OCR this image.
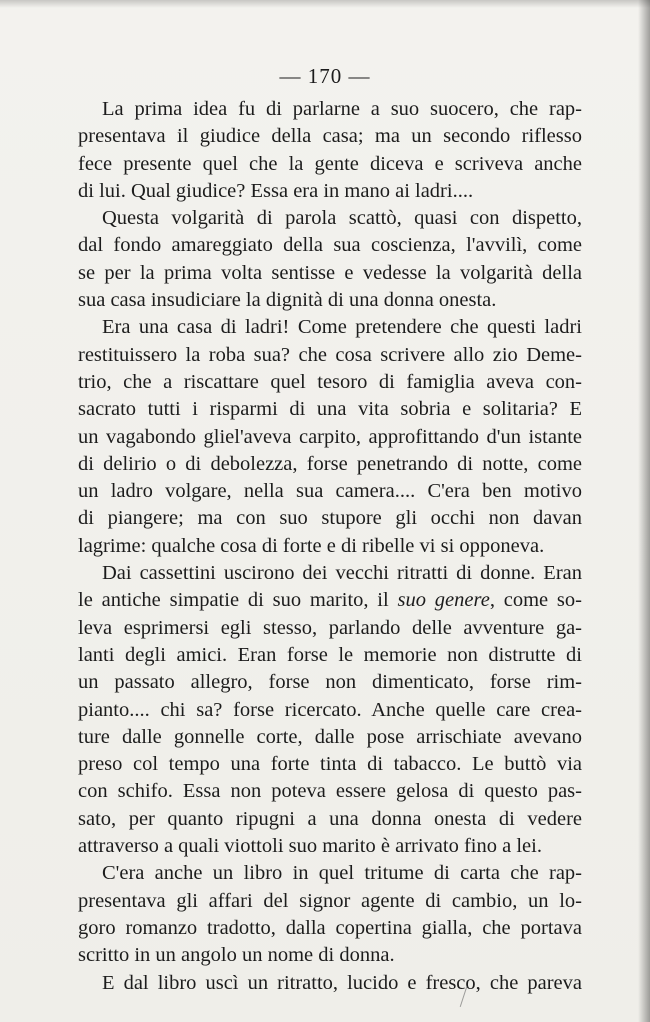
— 170 —
La prima idea fu di parlarne a suo suocero, che rap-
presentava il giudice della casa; ma un secondo riflesso
fece presente quel che la gente diceva e scriveva anche
di lui. Qual giudice? Essa era in mano ai ladri....
Questa volgarità di parola scattò, quasi con dispetto,
dal fondo amareggiato della sua coscienza, l'avvilì, come
se per la prima volta sentisse e vedesse la volgarità della
sua casa insudiciare la dignità di una donna onesta.
Era una casa di ladri! Come pretendere che questi ladri
restituissero la roba sua? che cosa scrivere allo zio Deme-
trio, che a riscattare quel tesoro di famiglia aveva con-
sacrato tutti i risparmi di una vita sobria e solitaria? E
un vagabondo gliel'aveva carpito, approfittando d'un istante
di delirio o di debolezza, forse penetrando di notte, come
un ladro volgare, nella sua camera.... C'era ben motivo
di piangere; ma con suo stupore gli occhi non davan
lagrime: qualche cosa di forte e di ribelle vi si opponeva.
Dai cassettini uscirono dei vecchi ritratti di donne. Eran
le antiche simpatie di suo marito, il suo genere, come so-
leva esprimersi egli stesso, parlando delle avventure ga-
lanti degli amici. Eran forse le memorie non distrutte di
un passato allegro, forse non dimenticato, forse rim-
pianto.... chi sa? forse ricercato. Anche quelle care crea-
ture dalle gonnelle corte, dalle pose arrischiate avevano
preso col tempo una forte tinta di tabacco. Le buttò via
con schifo. Essa non poteva essere gelosa di questo pas-
sato, per quanto ripugni a una donna onesta di vedere
attraverso a quali viottoli suo marito è arrivato fino a lei.
C'era anche un libro in quel tritume di carta che rap-
presentava gli affari del signor agente di cambio, un lo-
goro romanzo tradotto, dalla copertina gialla, che portava
scritto in un angolo un nome di donna.
E dal libro uscì un ritratto, lucido e fresco, che pareva
